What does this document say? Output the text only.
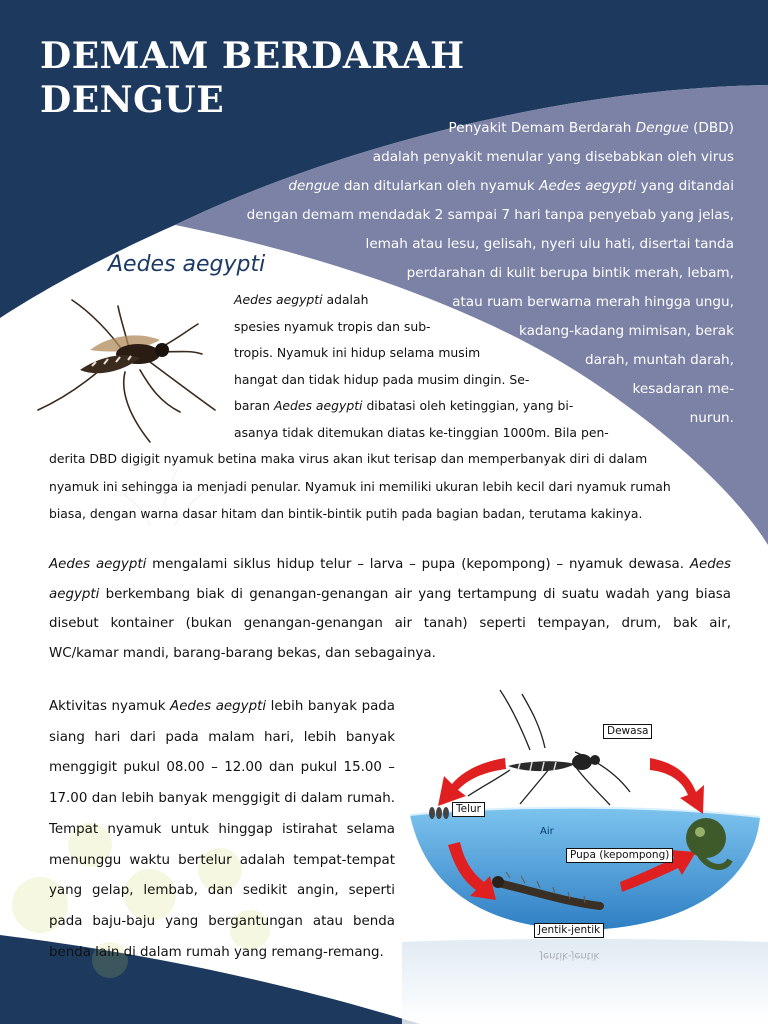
DEMAM BERDARAH
DENGUE
Penyakit Demam Berdarah Dengue (DBD)
adalah penyakit menular yang disebabkan oleh virus
dengue dan ditularkan oleh nyamuk Aedes aegypti yang ditandai
dengan demam mendadak 2 sampai 7 hari tanpa penyebab yang jelas,
lemah atau lesu, gelisah, nyeri ulu hati, disertai tanda
perdarahan di kulit berupa bintik merah, lebam,
atau ruam berwarna merah hingga ungu,
kadang-kadang mimisan, berak
darah, muntah darah,
kesadaran me-
nurun.
Aedes aegypti
Aedes aegypti adalah
spesies nyamuk tropis dan sub-
tropis. Nyamuk ini hidup selama musim
hangat dan tidak hidup pada musim dingin. Se-
baran Aedes aegypti dibatasi oleh ketinggian, yang bi-
asanya tidak ditemukan diatas ke-tinggian 1000m. Bila pen-
derita DBD digigit nyamuk betina maka virus akan ikut terisap dan memperbanyak diri di dalam
nyamuk ini sehingga ia menjadi penular. Nyamuk ini memiliki ukuran lebih kecil dari nyamuk rumah
biasa, dengan warna dasar hitam dan bintik-bintik putih pada bagian badan, terutama kakinya.
Aedes aegypti mengalami siklus hidup telur – larva – pupa (kepompong) – nyamuk dewasa. Aedes
aegypti berkembang biak di genangan-genangan air yang tertampung di suatu wadah yang biasa
disebut kontainer (bukan genangan-genangan air tanah) seperti tempayan, drum, bak air,
WC/kamar mandi, barang-barang bekas, dan sebagainya.
Aktivitas nyamuk Aedes aegypti lebih banyak pada
siang hari dari pada malam hari, lebih banyak
menggigit pukul 08.00 – 12.00 dan pukul 15.00 –
17.00 dan lebih banyak menggigit di dalam rumah.
Tempat nyamuk untuk hinggap istirahat selama
menunggu waktu bertelur adalah tempat-tempat
yang gelap, lembab, dan sedikit angin, seperti
pada baju-baju yang bergantungan atau benda
benda lain di dalam rumah yang remang-remang.
Dewasa
Telur
Air
Pupa (kepompong)
Jentik-jentik
Jentik-jentik
